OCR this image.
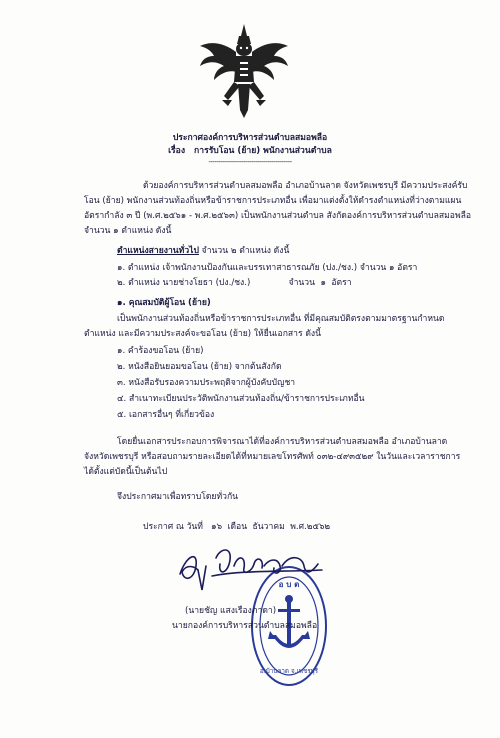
ประกาศองค์การบริหารส่วนตำบลสมอพลือ
เรื่อง การรับโอน (ย้าย) พนักงานส่วนตำบล
-----------------------------------------
ด้วยองค์การบริหารส่วนตำบลสมอพลือ อำเภอบ้านลาด จังหวัดเพชรบุรี มีความประสงค์รับ
โอน (ย้าย) พนักงานส่วนท้องถิ่นหรือข้าราชการประเภทอื่น เพื่อมาแต่งตั้งให้ดำรงตำแหน่งที่ว่างตามแผน
อัตรากำลัง ๓ ปี (พ.ศ.๒๕๖๑ - พ.ศ.๒๕๖๓) เป็นพนักงานส่วนตำบล สังกัดองค์การบริหารส่วนตำบลสมอพลือ
จำนวน ๑ ตำแหน่ง ดังนี้
ตำแหน่งสายงานทั่วไป จำนวน ๒ ตำแหน่ง ดังนี้
๑. ตำแหน่ง เจ้าพนักงานป้องกันและบรรเทาสาธารณภัย (ปง./ชง.) จำนวน ๑ อัตรา
๒. ตำแหน่ง นายช่างโยธา (ปง./ชง.)              จำนวน  ๑  อัตรา
๑. คุณสมบัติผู้โอน (ย้าย)
เป็นพนักงานส่วนท้องถิ่นหรือข้าราชการประเภทอื่น ที่มีคุณสมบัติตรงตามมาตรฐานกำหนด
ตำแหน่ง และมีความประสงค์จะขอโอน (ย้าย) ให้ยื่นเอกสาร ดังนี้
๑. คำร้องขอโอน (ย้าย)
๒. หนังสือยินยอมขอโอน (ย้าย) จากต้นสังกัด
๓. หนังสือรับรองความประพฤติจากผู้บังคับบัญชา
๔. สำเนาทะเบียนประวัติพนักงานส่วนท้องถิ่น/ข้าราชการประเภทอื่น
๕. เอกสารอื่นๆ ที่เกี่ยวข้อง
โดยยื่นเอกสารประกอบการพิจารณาได้ที่องค์การบริหารส่วนตำบลสมอพลือ อำเภอบ้านลาด
จังหวัดเพชรบุรี หรือสอบถามรายละเอียดได้ที่หมายเลขโทรศัพท์ ๐๓๒-๔๙๓๕๒๙ ในวันและเวลาราชการ
ได้ตั้งแต่บัดนี้เป็นต้นไป
จึงประกาศมาเพื่อทราบโดยทั่วกัน
ประกาศ ณ วันที่   ๑๖  เดือน  ธันวาคม  พ.ศ.๒๕๖๒
อ บ ต
อ.บ้านลาด จ.เพชรบุรี
(นายชัญ แสงเรืองภาดา)
นายกองค์การบริหารส่วนตำบลสมอพลือ
